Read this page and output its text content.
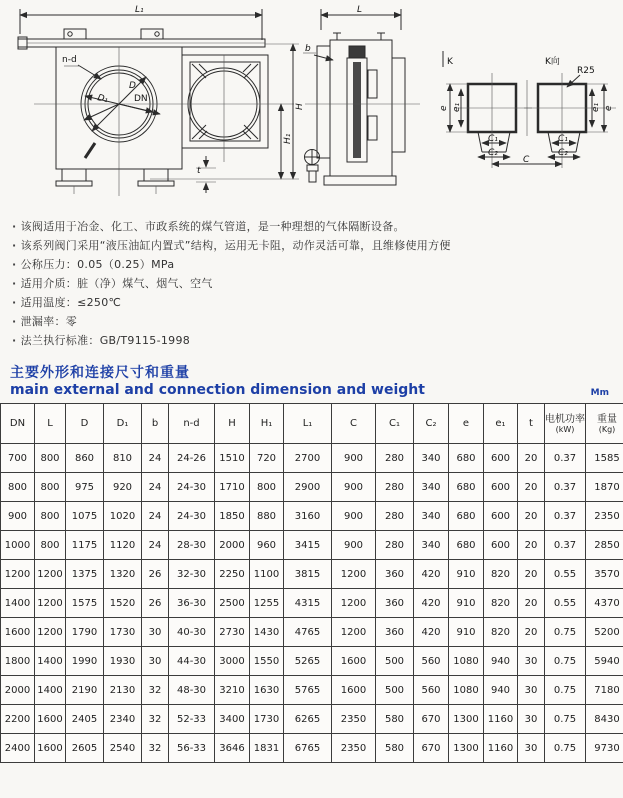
L₁
n-d
D
D₁	DN
H
H₁
t
L
b
K	K向
R25
e e₁
C₁
C₂
e₁ e
C₁
C₂
C
· 该阀适用于冶金、化工、市政系统的煤气管道，是一种理想的气体隔断设备。
· 该系列阀门采用“液压油缸内置式”结构，运用无卡阻，动作灵活可靠，且维修使用方便
· 公称压力：0.05（0.25）MPa
· 适用介质：脏（净）煤气、烟气、空气
· 适用温度：≤250℃
· 泄漏率：零
· 法兰执行标准：GB/T9115-1998
主要外形和连接尺寸和重量
main external and connection dimension and weight	Mm
DN	L	D	D₁	b	n-d	H	H₁	L₁	C	C₁	C₂	e	e₁	t	电机功率
(kW)	重量
(Kg)

700	800	860	810	24	24-26	1510	720	2700	900	280	340	680	600	20	0.37	1585
800	800	975	920	24	24-30	1710	800	2900	900	280	340	680	600	20	0.37	1870
900	800	1075	1020	24	24-30	1850	880	3160	900	280	340	680	600	20	0.37	2350
1000	800	1175	1120	24	28-30	2000	960	3415	900	280	340	680	600	20	0.37	2850
1200	1200	1375	1320	26	32-30	2250	1100	3815	1200	360	420	910	820	20	0.55	3570
1400	1200	1575	1520	26	36-30	2500	1255	4315	1200	360	420	910	820	20	0.55	4370
1600	1200	1790	1730	30	40-30	2730	1430	4765	1200	360	420	910	820	20	0.75	5200
1800	1400	1990	1930	30	44-30	3000	1550	5265	1600	500	560	1080	940	30	0.75	5940
2000	1400	2190	2130	32	48-30	3210	1630	5765	1600	500	560	1080	940	30	0.75	7180
2200	1600	2405	2340	32	52-33	3400	1730	6265	2350	580	670	1300	1160	30	0.75	8430
2400	1600	2605	2540	32	56-33	3646	1831	6765	2350	580	670	1300	1160	30	0.75	9730
